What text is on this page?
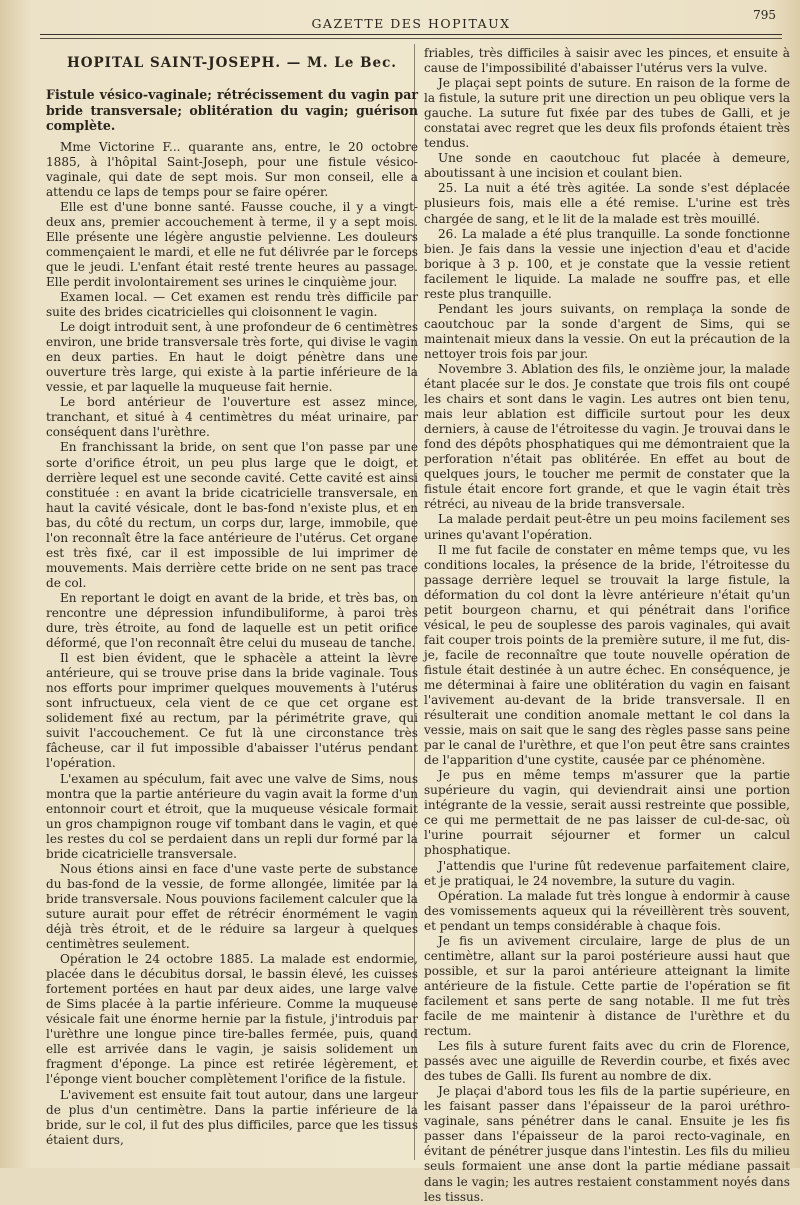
GAZETTE DES HOPITAUX
795
HOPITAL SAINT-JOSEPH. — M. Le Bec.
Fistule vésico-vaginale; rétrécissement du vagin par bride transversale; oblitération du vagin; guérison complète.

Mme Victorine F... quarante ans, entre, le 20 octobre 1885, à l'hôpital Saint-Joseph, pour une fistule vésico-vaginale, qui date de sept mois. Sur mon conseil, elle a attendu ce laps de temps pour se faire opérer.

Elle est d'une bonne santé. Fausse couche, il y a vingt-deux ans, premier accouchement à terme, il y a sept mois. Elle présente une légère angustie pelvienne. Les douleurs commençaient le mardi, et elle ne fut délivrée par le forceps que le jeudi. L'enfant était resté trente heures au passage. Elle perdit involontairement ses urines le cinquième jour.

Examen local. — Cet examen est rendu très difficile par suite des brides cicatricielles qui cloisonnent le vagin.

Le doigt introduit sent, à une profondeur de 6 centimètres environ, une bride transversale très forte, qui divise le vagin en deux parties. En haut le doigt pénètre dans une ouverture très large, qui existe à la partie inférieure de la vessie, et par laquelle la muqueuse fait hernie.

Le bord antérieur de l'ouverture est assez mince, tranchant, et situé à 4 centimètres du méat urinaire, par conséquent dans l'urèthre.

En franchissant la bride, on sent que l'on passe par une sorte d'orifice étroit, un peu plus large que le doigt, et derrière lequel est une seconde cavité. Cette cavité est ainsi constituée : en avant la bride cicatricielle transversale, en haut la cavité vésicale, dont le bas-fond n'existe plus, et en bas, du côté du rectum, un corps dur, large, immobile, que l'on reconnaît être la face antérieure de l'utérus. Cet organe est très fixé, car il est impossible de lui imprimer de mouvements. Mais derrière cette bride on ne sent pas trace de col.

En reportant le doigt en avant de la bride, et très bas, on rencontre une dépression infundibuliforme, à paroi très dure, très étroite, au fond de laquelle est un petit orifice déformé, que l'on reconnaît être celui du museau de tanche.

Il est bien évident, que le sphacèle a atteint la lèvre antérieure, qui se trouve prise dans la bride vaginale. Tous nos efforts pour imprimer quelques mouvements à l'utérus sont infructueux, cela vient de ce que cet organe est solidement fixé au rectum, par la périmétrite grave, qui suivit l'accouchement. Ce fut là une circonstance très fâcheuse, car il fut impossible d'abaisser l'utérus pendant l'opération.

L'examen au spéculum, fait avec une valve de Sims, nous montra que la partie antérieure du vagin avait la forme d'un entonnoir court et étroit, que la muqueuse vésicale formait un gros champignon rouge vif tombant dans le vagin, et que les restes du col se perdaient dans un repli dur formé par la bride cicatricielle transversale.

Nous étions ainsi en face d'une vaste perte de substance du bas-fond de la vessie, de forme allongée, limitée par la bride transversale. Nous pouvions facilement calculer que la suture aurait pour effet de rétrécir énormément le vagin déjà très étroit, et de le réduire sa largeur à quelques centimètres seulement.

Opération le 24 octobre 1885. La malade est endormie, placée dans le décubitus dorsal, le bassin élevé, les cuisses fortement portées en haut par deux aides, une large valve de Sims placée à la partie inférieure. Comme la muqueuse vésicale fait une énorme hernie par la fistule, j'introduis par l'urèthre une longue pince tire-balles fermée, puis, quand elle est arrivée dans le vagin, je saisis solidement un fragment d'éponge. La pince est retirée légèrement, et l'éponge vient boucher complètement l'orifice de la fistule.

L'avivement est ensuite fait tout autour, dans une largeur de plus d'un centimètre. Dans la partie inférieure de la bride, sur le col, il fut des plus difficiles, parce que les tissus étaient durs,

friables, très difficiles à saisir avec les pinces, et ensuite à cause de l'impossibilité d'abaisser l'utérus vers la vulve.

Je plaçai sept points de suture. En raison de la forme de la fistule, la suture prit une direction un peu oblique vers la gauche. La suture fut fixée par des tubes de Galli, et je constatai avec regret que les deux fils profonds étaient très tendus.

Une sonde en caoutchouc fut placée à demeure, aboutissant à une incision et coulant bien.

25. La nuit a été très agitée. La sonde s'est déplacée plusieurs fois, mais elle a été remise. L'urine est très chargée de sang, et le lit de la malade est très mouillé.

26. La malade a été plus tranquille. La sonde fonctionne bien. Je fais dans la vessie une injection d'eau et d'acide borique à 3 p. 100, et je constate que la vessie retient facilement le liquide. La malade ne souffre pas, et elle reste plus tranquille.

Pendant les jours suivants, on remplaça la sonde de caoutchouc par la sonde d'argent de Sims, qui se maintenait mieux dans la vessie. On eut la précaution de la nettoyer trois fois par jour.

Novembre 3. Ablation des fils, le onzième jour, la malade étant placée sur le dos. Je constate que trois fils ont coupé les chairs et sont dans le vagin. Les autres ont bien tenu, mais leur ablation est difficile surtout pour les deux derniers, à cause de l'étroitesse du vagin. Je trouvai dans le fond des dépôts phosphatiques qui me démontraient que la perforation n'était pas oblitérée. En effet au bout de quelques jours, le toucher me permit de constater que la fistule était encore fort grande, et que le vagin était très rétréci, au niveau de la bride transversale.

La malade perdait peut-être un peu moins facilement ses urines qu'avant l'opération.

Il me fut facile de constater en même temps que, vu les conditions locales, la présence de la bride, l'étroitesse du passage derrière lequel se trouvait la large fistule, la déformation du col dont la lèvre antérieure n'était qu'un petit bourgeon charnu, et qui pénétrait dans l'orifice vésical, le peu de souplesse des parois vaginales, qui avait fait couper trois points de la première suture, il me fut, dis-je, facile de reconnaître que toute nouvelle opération de fistule était destinée à un autre échec. En conséquence, je me déterminai à faire une oblitération du vagin en faisant l'avivement au-devant de la bride transversale. Il en résulterait une condition anomale mettant le col dans la vessie, mais on sait que le sang des règles passe sans peine par le canal de l'urèthre, et que l'on peut être sans craintes de l'apparition d'une cystite, causée par ce phénomène.

Je pus en même temps m'assurer que la partie supérieure du vagin, qui deviendrait ainsi une portion intégrante de la vessie, serait aussi restreinte que possible, ce qui me permettait de ne pas laisser de cul-de-sac, où l'urine pourrait séjourner et former un calcul phosphatique.

J'attendis que l'urine fût redevenue parfaitement claire, et je pratiquai, le 24 novembre, la suture du vagin.

Opération. La malade fut très longue à endormir à cause des vomissements aqueux qui la réveillèrent très souvent, et pendant un temps considérable à chaque fois.

Je fis un avivement circulaire, large de plus de un centimètre, allant sur la paroi postérieure aussi haut que possible, et sur la paroi antérieure atteignant la limite antérieure de la fistule. Cette partie de l'opération se fit facilement et sans perte de sang notable. Il me fut très facile de me maintenir à distance de l'urèthre et du rectum.

Les fils à suture furent faits avec du crin de Florence, passés avec une aiguille de Reverdin courbe, et fixés avec des tubes de Galli. Ils furent au nombre de dix.

Je plaçai d'abord tous les fils de la partie supérieure, en les faisant passer dans l'épaisseur de la paroi uréthro-vaginale, sans pénétrer dans le canal. Ensuite je les fis passer dans l'épaisseur de la paroi recto-vaginale, en évitant de pénétrer jusque dans l'intestin. Les fils du milieu seuls formaient une anse dont la partie médiane passait dans le vagin; les autres restaient constamment noyés dans les tissus.
